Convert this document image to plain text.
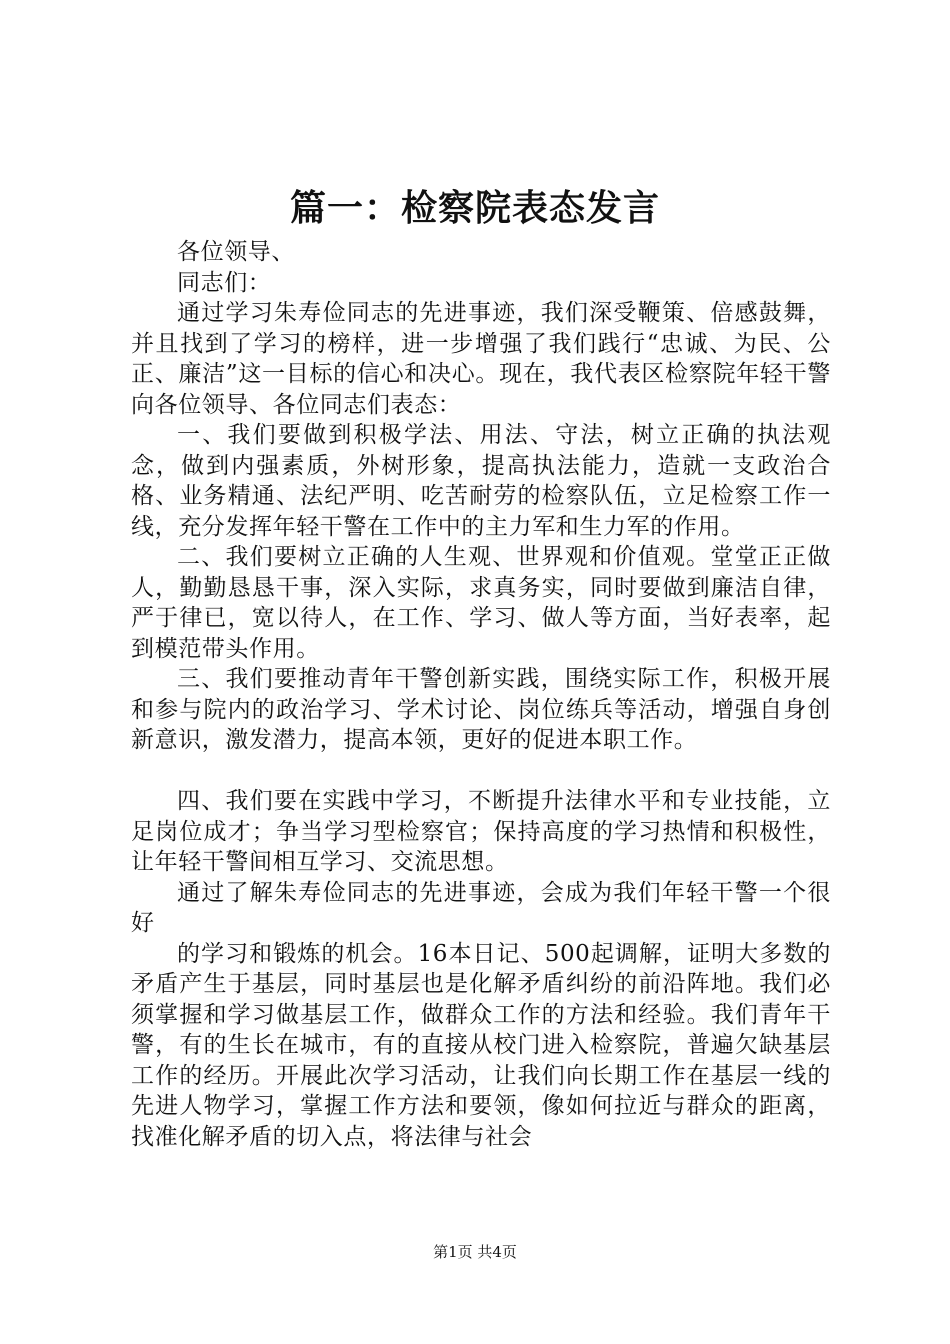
篇一：检察院表态发言

各位领导、

同志们：

通过学习朱寿俭同志的先进事迹，我们深受鞭策、倍感鼓舞，并且找到了学习的榜样，进一步增强了我们践行“忠诚、为民、公正、廉洁”这一目标的信心和决心。现在，我代表区检察院年轻干警向各位领导、各位同志们表态：

一、我们要做到积极学法、用法、守法，树立正确的执法观念，做到内强素质，外树形象，提高执法能力，造就一支政治合格、业务精通、法纪严明、吃苦耐劳的检察队伍，立足检察工作一线，充分发挥年轻干警在工作中的主力军和生力军的作用。

二、我们要树立正确的人生观、世界观和价值观。堂堂正正做人，勤勤恳恳干事，深入实际，求真务实，同时要做到廉洁自律，严于律已，宽以待人，在工作、学习、做人等方面，当好表率，起到模范带头作用。

三、我们要推动青年干警创新实践，围绕实际工作，积极开展和参与院内的政治学习、学术讨论、岗位练兵等活动，增强自身创新意识，激发潜力，提高本领，更好的促进本职工作。

四、我们要在实践中学习，不断提升法律水平和专业技能，立足岗位成才；争当学习型检察官；保持高度的学习热情和积极性，让年轻干警间相互学习、交流思想。

通过了解朱寿俭同志的先进事迹，会成为我们年轻干警一个很好

的学习和锻炼的机会。16本日记、500起调解，证明大多数的矛盾产生于基层，同时基层也是化解矛盾纠纷的前沿阵地。我们必须掌握和学习做基层工作，做群众工作的方法和经验。我们青年干警，有的生长在城市，有的直接从校门进入检察院，普遍欠缺基层工作的经历。开展此次学习活动，让我们向长期工作在基层一线的先进人物学习，掌握工作方法和要领，像如何拉近与群众的距离，找准化解矛盾的切入点，将法律与社会

第1页 共4页
